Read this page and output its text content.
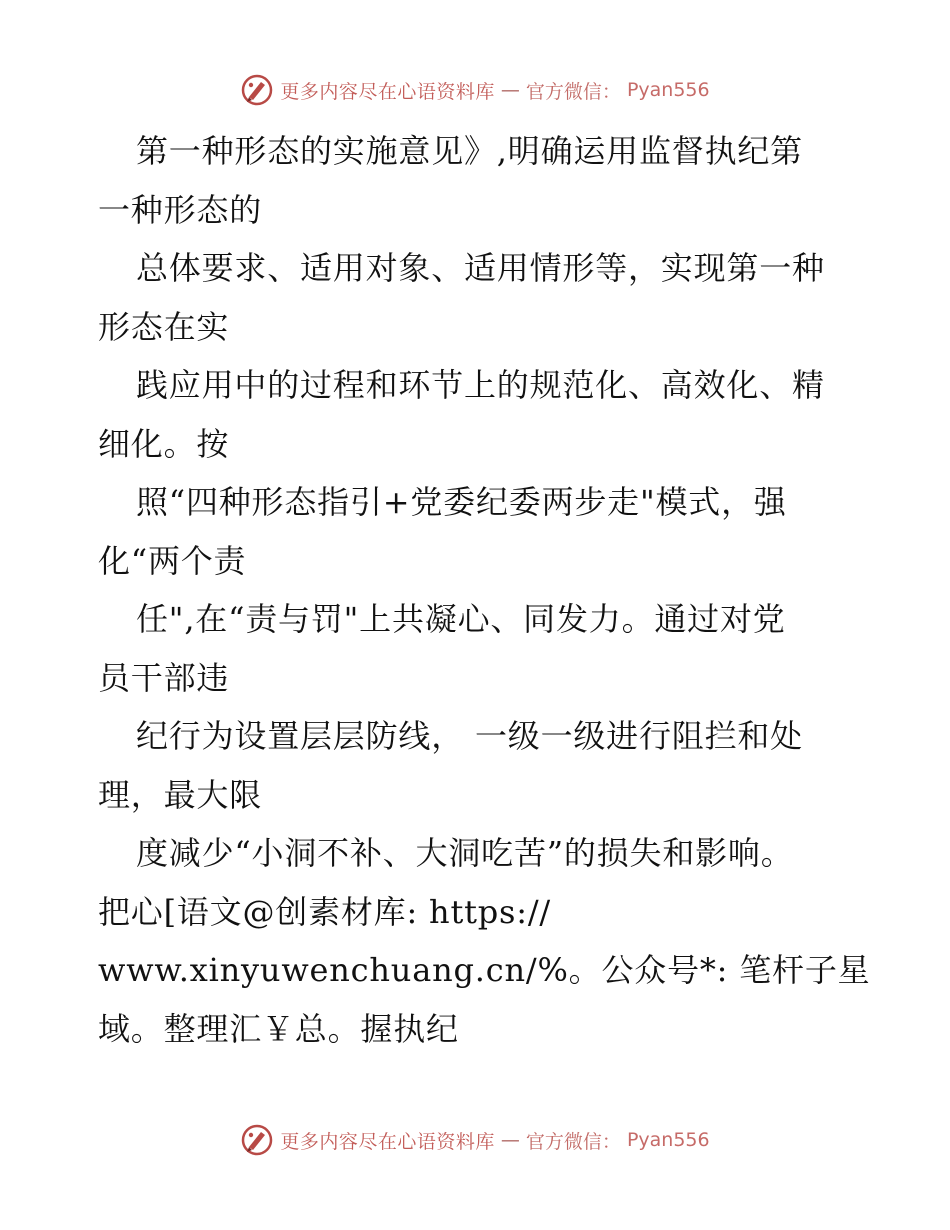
更多内容尽在心语资料库 — 官方微信： Pyan556
第一种形态的实施意见》,明确运用监督执纪第
一种形态的
总体要求、适用对象、适用情形等，实现第一种
形态在实
践应用中的过程和环节上的规范化、高效化、精
细化。按
照“四种形态指引+党委纪委两步走"模式，强
化“两个责
任",在“责与罚"上共凝心、同发力。通过对党
员干部违
纪行为设置层层防线， 一级一级进行阻拦和处
理，最大限
度减少“小洞不补、大洞吃苦”的损失和影响。
把心[语文@创素材库: https://
www.xinyuwenchuang.cn/%。公众号*: 笔杆子星
域。整理汇￥总。握执纪
更多内容尽在心语资料库 — 官方微信： Pyan556
